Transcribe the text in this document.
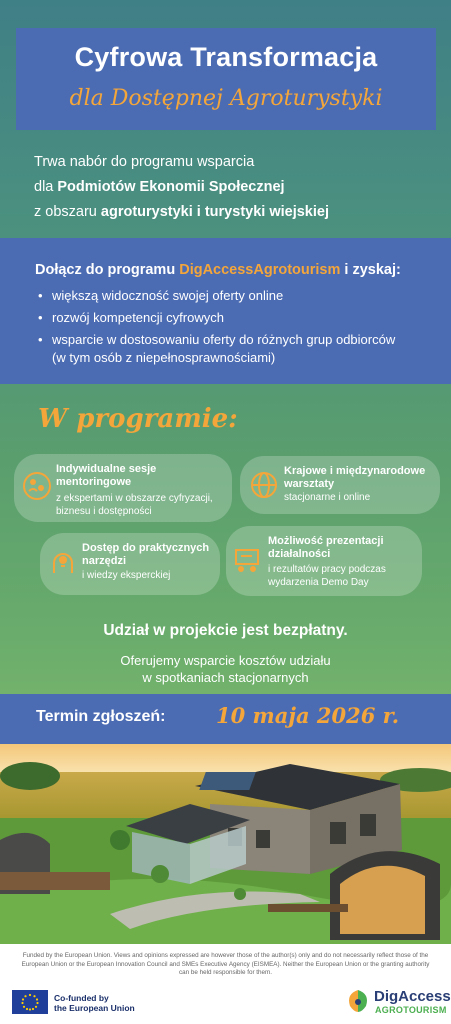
Cyfrowa Transformacja
dla Dostępnej Agroturystyki
Trwa nabór do programu wsparcia
dla Podmiotów Ekonomii Społecznej
z obszaru agroturystyki i turystyki wiejskiej
Dołącz do programu DigAccessAgrotourism i zyskaj:
• większą widoczność swojej oferty online
• rozwój kompetencji cyfrowych
• wsparcie w dostosowaniu oferty do różnych grup odbiorców
(w tym osób z niepełnosprawnościami)
W programie:
Indywidualne sesje mentoringowe
z ekspertami w obszarze cyfryzacji, biznesu i dostępności
Krajowe i międzynarodowe warsztaty
stacjonarne i online
Dostęp do praktycznych narzędzi
i wiedzy eksperckiej
Możliwość prezentacji działalności
i rezultatów pracy podczas wydarzenia Demo Day
Udział w projekcie jest bezpłatny.
Oferujemy wsparcie kosztów udziału
w spotkaniach stacjonarnych
Termin zgłoszeń: 10 maja 2026 r.
Funded by the European Union. Views and opinions expressed are however those of the author(s) only and do not necessarily reflect those of the European Union or the European Innovation Council and SMEs Executive Agency (EISMEA). Neither the European Union or the granting authority can be held responsible for them.
Co-funded by
the European Union
DigAccess
AGROTOURISM
